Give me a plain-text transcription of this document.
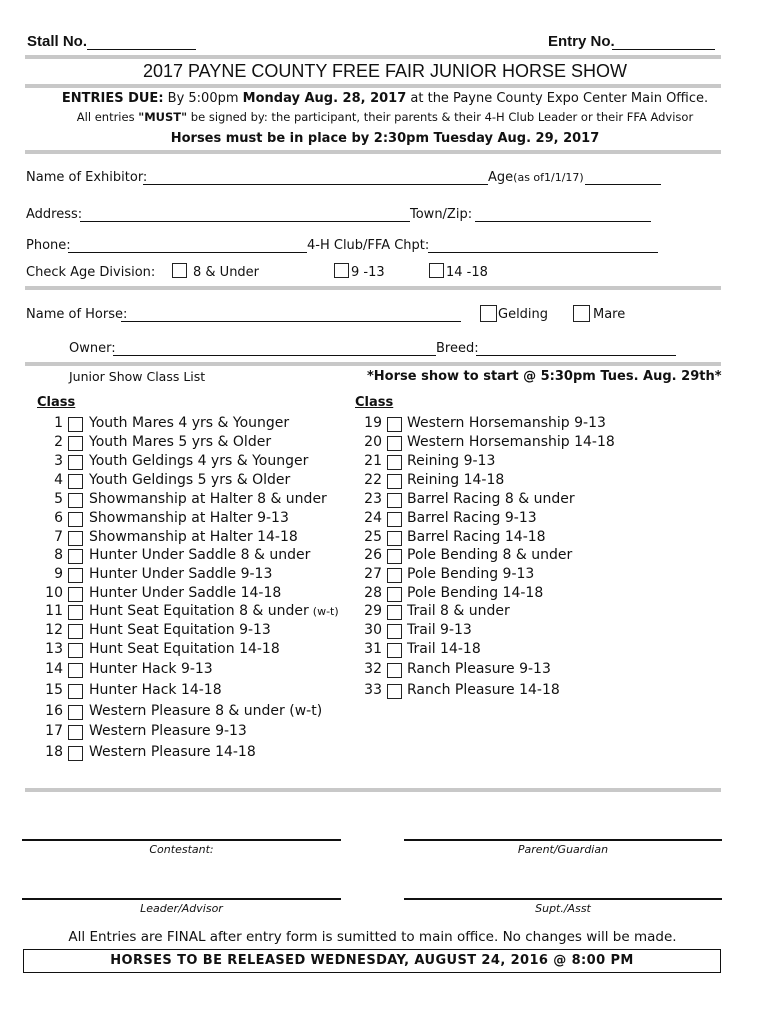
Stall No.	Entry No.
2017 PAYNE COUNTY FREE FAIR JUNIOR HORSE SHOW
ENTRIES DUE: By 5:00pm Monday Aug. 28, 2017 at the Payne County Expo Center Main Office.
All entries "MUST" be signed by: the participant, their parents & their 4-H Club Leader or their FFA Advisor
Horses must be in place by 2:30pm Tuesday Aug. 29, 2017
Name of Exhibitor:	Age(as of1/1/17)
Address:	Town/Zip:
Phone:	4-H Club/FFA Chpt:
Check Age Division:	8 & Under	9 -13	14 -18
Name of Horse:	Gelding	Mare
Owner:	Breed:
Junior Show Class List	*Horse show to start @ 5:30pm Tues. Aug. 29th*
Class	Class
1 Youth Mares 4 yrs & Younger
2 Youth Mares 5 yrs & Older
3 Youth Geldings 4 yrs & Younger
4 Youth Geldings 5 yrs & Older
5 Showmanship at Halter 8 & under
6 Showmanship at Halter 9-13
7 Showmanship at Halter 14-18
8 Hunter Under Saddle 8 & under
9 Hunter Under Saddle 9-13
10 Hunter Under Saddle 14-18
11 Hunt Seat Equitation 8 & under (w-t)
12 Hunt Seat Equitation 9-13
13 Hunt Seat Equitation 14-18
14 Hunter Hack 9-13
15 Hunter Hack 14-18
16 Western Pleasure 8 & under (w-t)
17 Western Pleasure 9-13
18 Western Pleasure 14-18
19 Western Horsemanship 9-13
20 Western Horsemanship 14-18
21 Reining 9-13
22 Reining 14-18
23 Barrel Racing 8 & under
24 Barrel Racing 9-13
25 Barrel Racing 14-18
26 Pole Bending 8 & under
27 Pole Bending 9-13
28 Pole Bending 14-18
29 Trail 8 & under
30 Trail 9-13
31 Trail 14-18
32 Ranch Pleasure 9-13
33 Ranch Pleasure 14-18
Contestant:	Parent/Guardian
Leader/Advisor	Supt./Asst
All Entries are FINAL after entry form is sumitted to main office. No changes will be made.
HORSES TO BE RELEASED WEDNESDAY, AUGUST 24, 2016 @ 8:00 PM
